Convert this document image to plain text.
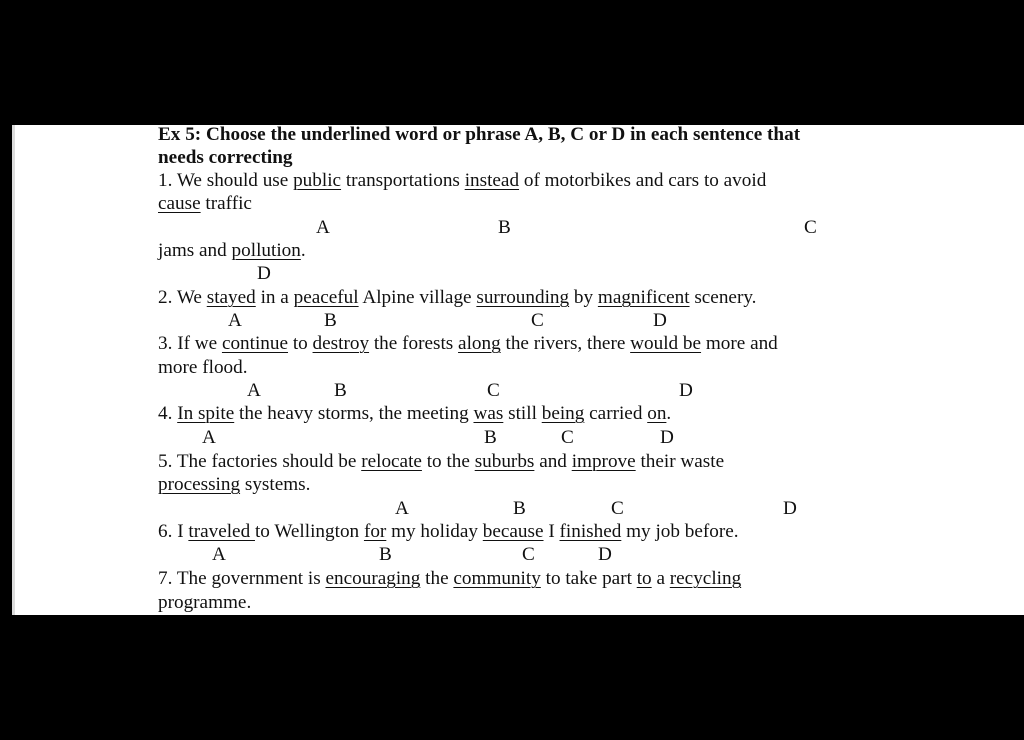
Ex 5: Choose the underlined word or phrase A, B, C or D in each sentence that
needs correcting
1. We should use public transportations instead of motorbikes and cars to avoid
cause traffic
A	B	C
jams and pollution.
D
2. We stayed in a peaceful Alpine village surrounding by magnificent scenery.
A	B	C	D
3. If we continue to destroy the forests along the rivers, there would be more and
more flood.
A	B	C	D
4. In spite the heavy storms, the meeting was still being carried on.
A	B	C	D
5. The factories should be relocate to the suburbs and improve their waste
processing systems.
A	B	C	D
6. I traveled to Wellington for my holiday because I finished my job before.
A	B	C	D
7. The government is encouraging the community to take part to a recycling
programme.
